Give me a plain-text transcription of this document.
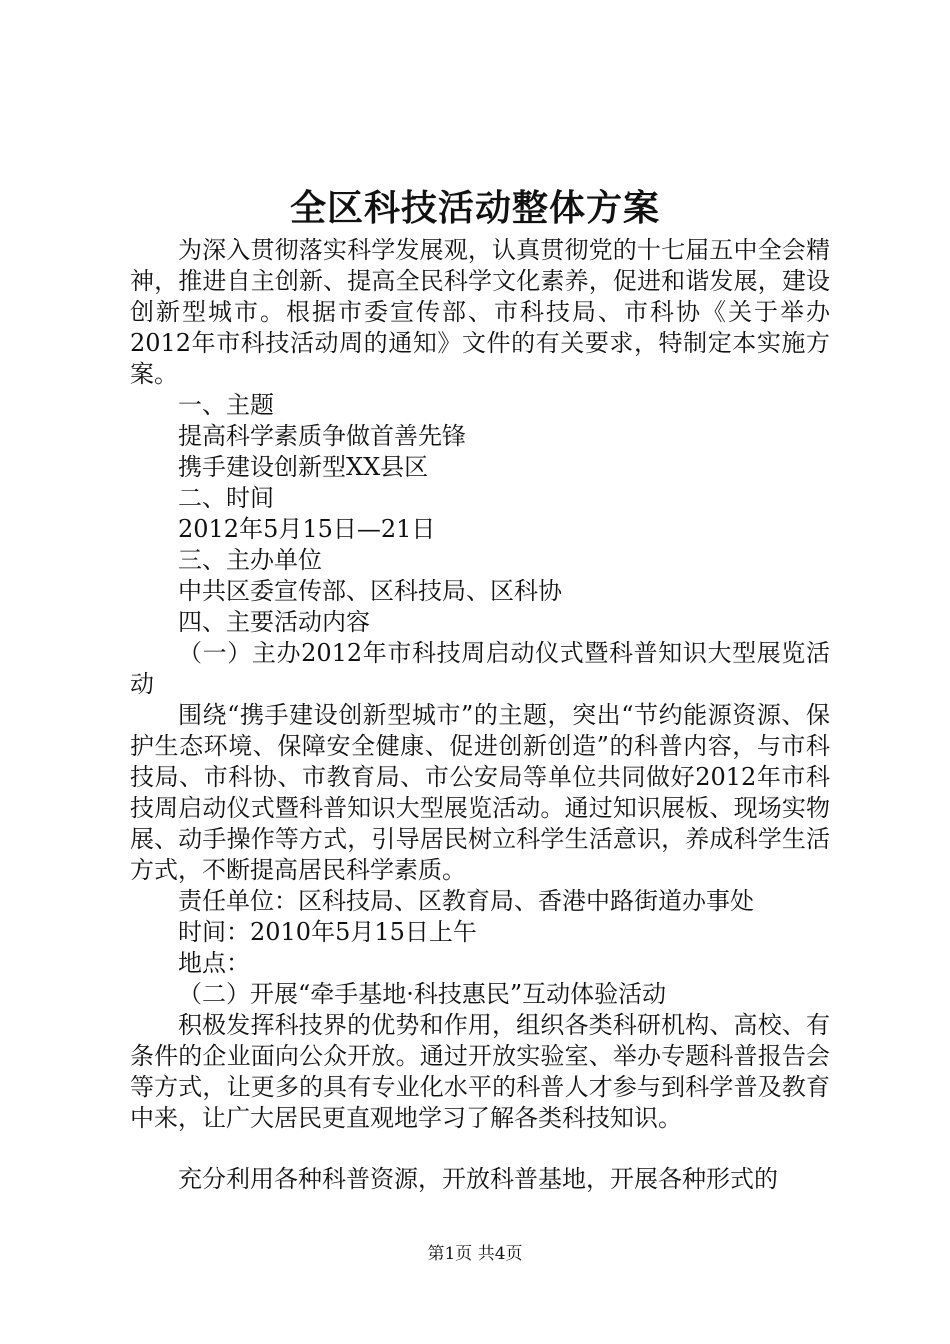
全区科技活动整体方案

为深入贯彻落实科学发展观，认真贯彻党的十七届五中全会精神，推进自主创新、提高全民科学文化素养，促进和谐发展，建设创新型城市。根据市委宣传部、市科技局、市科协《关于举办2012年市科技活动周的通知》文件的有关要求，特制定本实施方案。

一、主题

提高科学素质争做首善先锋

携手建设创新型XX县区

二、时间

2012年5月15日—21日

三、主办单位

中共区委宣传部、区科技局、区科协

四、主要活动内容

（一）主办2012年市科技周启动仪式暨科普知识大型展览活动

围绕“携手建设创新型城市”的主题，突出“节约能源资源、保护生态环境、保障安全健康、促进创新创造”的科普内容，与市科技局、市科协、市教育局、市公安局等单位共同做好2012年市科技周启动仪式暨科普知识大型展览活动。通过知识展板、现场实物展、动手操作等方式，引导居民树立科学生活意识，养成科学生活方式，不断提高居民科学素质。

责任单位：区科技局、区教育局、香港中路街道办事处

时间：2010年5月15日上午

地点：

（二）开展“牵手基地·科技惠民”互动体验活动

积极发挥科技界的优势和作用，组织各类科研机构、高校、有条件的企业面向公众开放。通过开放实验室、举办专题科普报告会等方式，让更多的具有专业化水平的科普人才参与到科学普及教育中来，让广大居民更直观地学习了解各类科技知识。

充分利用各种科普资源，开放科普基地，开展各种形式的

第1页 共4页
